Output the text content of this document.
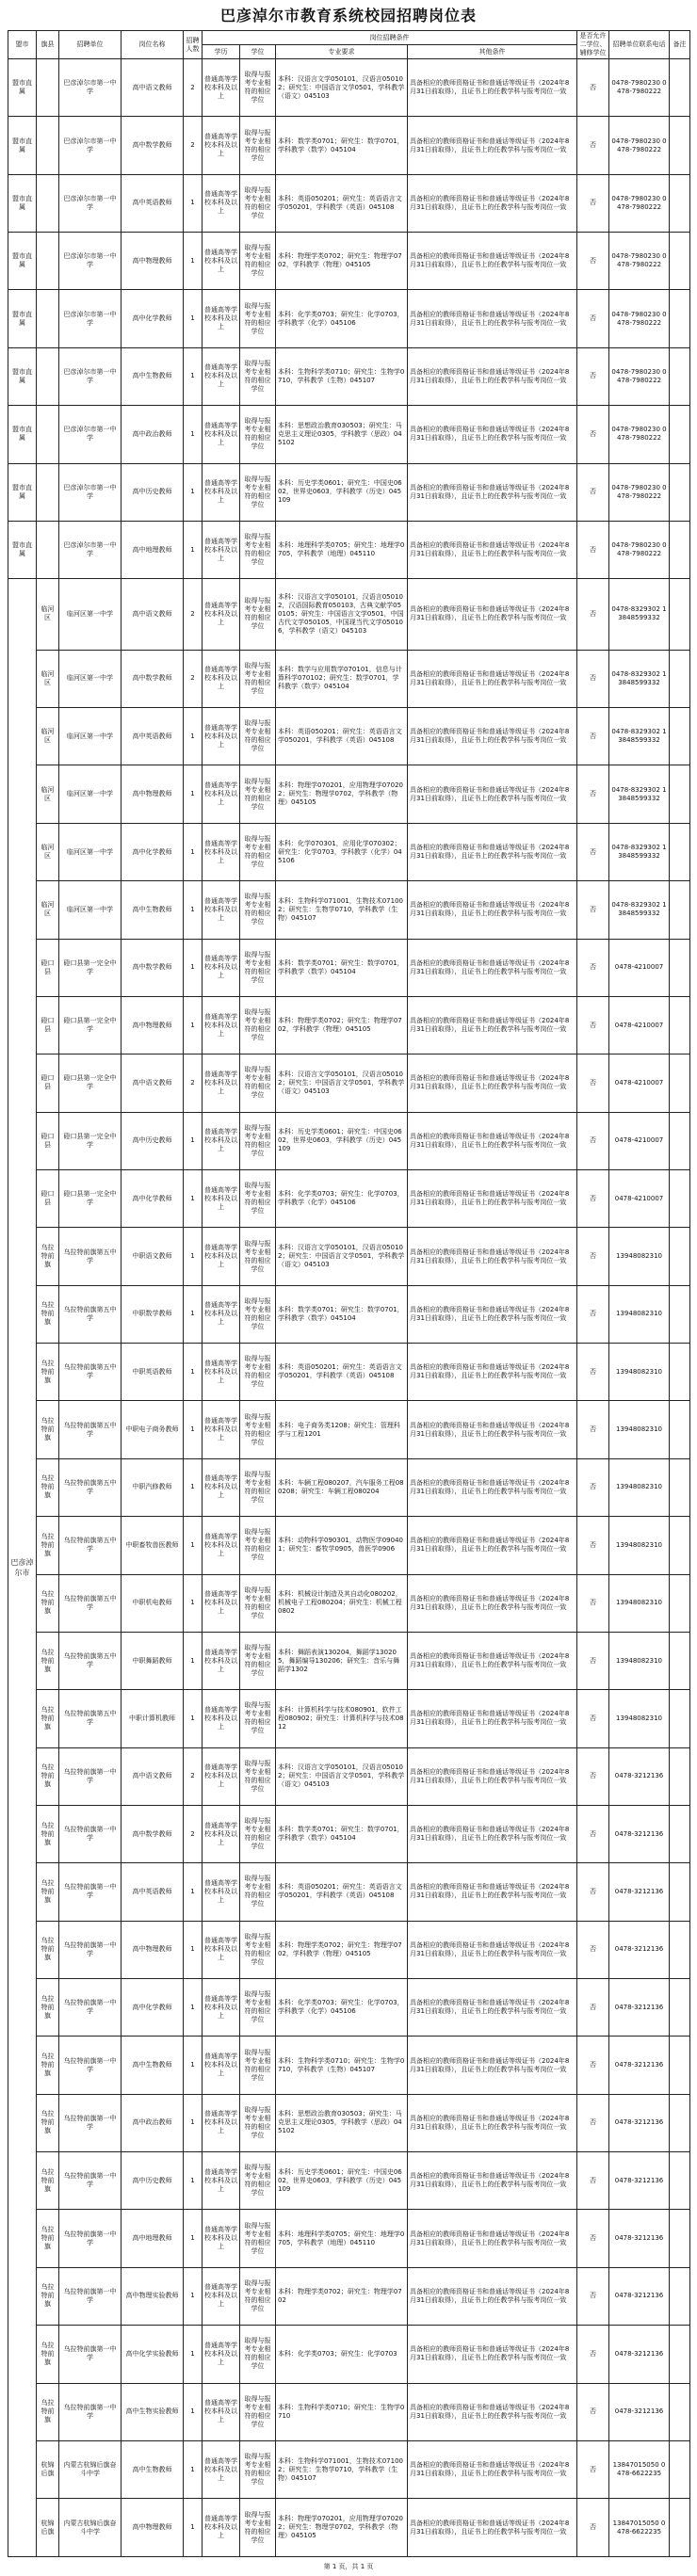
巴彦淖尔市教育系统校园招聘岗位表
盟市	旗县	招聘单位	岗位名称	招聘人数	岗位招聘条件				是否允许二学位、辅修学位	招聘单位联系电话	备注
					学历	学位	专业要求	其他条件			
盟市直属		巴彦淖尔市第一中学	高中语文教师	2	普通高等学校本科及以上	取得与报考专业相符的相应学位	本科：汉语言文学050101，汉语言050102；研究生：中国语言文学0501，学科教学（语文）045103	具备相应的教师资格证书和普通话等级证书（2024年8月31日前取得），且证书上的任教学科与报考岗位一致	否	0478-7980230 0478-7980222	
盟市直属		巴彦淖尔市第一中学	高中数学教师	2	普通高等学校本科及以上	取得与报考专业相符的相应学位	本科：数学类0701；研究生：数学0701，学科教学（数学）045104	具备相应的教师资格证书和普通话等级证书（2024年8月31日前取得），且证书上的任教学科与报考岗位一致	否	0478-7980230 0478-7980222	
盟市直属		巴彦淖尔市第一中学	高中英语教师	1	普通高等学校本科及以上	取得与报考专业相符的相应学位	本科：英语050201；研究生：英语语言文学050201，学科教学（英语）045108	具备相应的教师资格证书和普通话等级证书（2024年8月31日前取得），且证书上的任教学科与报考岗位一致	否	0478-7980230 0478-7980222	
盟市直属		巴彦淖尔市第一中学	高中物理教师	1	普通高等学校本科及以上	取得与报考专业相符的相应学位	本科：物理学类0702；研究生：物理学0702，学科教学（物理）045105	具备相应的教师资格证书和普通话等级证书（2024年8月31日前取得），且证书上的任教学科与报考岗位一致	否	0478-7980230 0478-7980222	
盟市直属		巴彦淖尔市第一中学	高中化学教师	1	普通高等学校本科及以上	取得与报考专业相符的相应学位	本科：化学类0703；研究生：化学0703，学科教学（化学）045106	具备相应的教师资格证书和普通话等级证书（2024年8月31日前取得），且证书上的任教学科与报考岗位一致	否	0478-7980230 0478-7980222	
盟市直属		巴彦淖尔市第一中学	高中生物教师	1	普通高等学校本科及以上	取得与报考专业相符的相应学位	本科：生物科学类0710；研究生：生物学0710，学科教学（生物）045107	具备相应的教师资格证书和普通话等级证书（2024年8月31日前取得），且证书上的任教学科与报考岗位一致	否	0478-7980230 0478-7980222	
盟市直属		巴彦淖尔市第一中学	高中政治教师	1	普通高等学校本科及以上	取得与报考专业相符的相应学位	本科：思想政治教育030503；研究生：马克思主义理论0305，学科教学（思政）045102	具备相应的教师资格证书和普通话等级证书（2024年8月31日前取得），且证书上的任教学科与报考岗位一致	否	0478-7980230 0478-7980222	
盟市直属		巴彦淖尔市第一中学	高中历史教师	1	普通高等学校本科及以上	取得与报考专业相符的相应学位	本科：历史学类0601；研究生：中国史0602，世界史0603，学科教学（历史）045109	具备相应的教师资格证书和普通话等级证书（2024年8月31日前取得），且证书上的任教学科与报考岗位一致	否	0478-7980230 0478-7980222	
盟市直属		巴彦淖尔市第一中学	高中地理教师	1	普通高等学校本科及以上	取得与报考专业相符的相应学位	本科：地理科学类0705；研究生：地理学0705，学科教学（地理）045110	具备相应的教师资格证书和普通话等级证书（2024年8月31日前取得），且证书上的任教学科与报考岗位一致	否	0478-7980230 0478-7980222	
巴彦淖尔市	临河区	临河区第一中学	高中语文教师	2	普通高等学校本科及以上	取得与报考专业相符的相应学位	本科：汉语言文学050101，汉语言050102，汉语国际教育050103，古典文献学050105；研究生：中国语言文学0501，中国古代文学050105，中国现当代文学050106，学科教学（语文）045103	具备相应的教师资格证书和普通话等级证书（2024年8月31日前取得），且证书上的任教学科与报考岗位一致	否	0478-8329302 13848599332	
	临河区	临河区第一中学	高中数学教师	2	普通高等学校本科及以上	取得与报考专业相符的相应学位	本科：数学与应用数学070101，信息与计算科学070102；研究生：数学0701，学科教学（数学）045104	具备相应的教师资格证书和普通话等级证书（2024年8月31日前取得），且证书上的任教学科与报考岗位一致	否	0478-8329302 13848599332	
	临河区	临河区第一中学	高中英语教师	1	普通高等学校本科及以上	取得与报考专业相符的相应学位	本科：英语050201；研究生：英语语言文学050201，学科教学（英语）045108	具备相应的教师资格证书和普通话等级证书（2024年8月31日前取得），且证书上的任教学科与报考岗位一致	否	0478-8329302 13848599332	
	临河区	临河区第一中学	高中物理教师	1	普通高等学校本科及以上	取得与报考专业相符的相应学位	本科：物理学070201，应用物理学070202；研究生：物理学0702，学科教学（物理）045105	具备相应的教师资格证书和普通话等级证书（2024年8月31日前取得），且证书上的任教学科与报考岗位一致	否	0478-8329302 13848599332	
	临河区	临河区第一中学	高中化学教师	1	普通高等学校本科及以上	取得与报考专业相符的相应学位	本科：化学070301，应用化学070302；研究生：化学0703，学科教学（化学）045106	具备相应的教师资格证书和普通话等级证书（2024年8月31日前取得），且证书上的任教学科与报考岗位一致	否	0478-8329302 13848599332	
	临河区	临河区第一中学	高中生物教师	1	普通高等学校本科及以上	取得与报考专业相符的相应学位	本科：生物科学071001，生物技术071002；研究生：生物学0710，学科教学（生物）045107	具备相应的教师资格证书和普通话等级证书（2024年8月31日前取得），且证书上的任教学科与报考岗位一致	否	0478-8329302 13848599332	
	磴口县	磴口县第一完全中学	高中数学教师	1	普通高等学校本科及以上	取得与报考专业相符的相应学位	本科：数学类0701；研究生：数学0701，学科教学（数学）045104	具备相应的教师资格证书和普通话等级证书（2024年8月31日前取得），且证书上的任教学科与报考岗位一致	否	0478-4210007	
	磴口县	磴口县第一完全中学	高中物理教师	1	普通高等学校本科及以上	取得与报考专业相符的相应学位	本科：物理学类0702；研究生：物理学0702，学科教学（物理）045105	具备相应的教师资格证书和普通话等级证书（2024年8月31日前取得），且证书上的任教学科与报考岗位一致	否	0478-4210007	
	磴口县	磴口县第一完全中学	高中语文教师	2	普通高等学校本科及以上	取得与报考专业相符的相应学位	本科：汉语言文学050101，汉语言050102；研究生：中国语言文学0501，学科教学（语文）045103	具备相应的教师资格证书和普通话等级证书（2024年8月31日前取得），且证书上的任教学科与报考岗位一致	否	0478-4210007	
	磴口县	磴口县第一完全中学	高中历史教师	1	普通高等学校本科及以上	取得与报考专业相符的相应学位	本科：历史学类0601；研究生：中国史0602，世界史0603，学科教学（历史）045109	具备相应的教师资格证书和普通话等级证书（2024年8月31日前取得），且证书上的任教学科与报考岗位一致	否	0478-4210007	
	磴口县	磴口县第一完全中学	高中化学教师	1	普通高等学校本科及以上	取得与报考专业相符的相应学位	本科：化学类0703；研究生：化学0703，学科教学（化学）045106	具备相应的教师资格证书和普通话等级证书（2024年8月31日前取得），且证书上的任教学科与报考岗位一致	否	0478-4210007	
	乌拉特前旗	乌拉特前旗第五中学	中职语文教师	1	普通高等学校本科及以上	取得与报考专业相符的相应学位	本科：汉语言文学050101，汉语言050102；研究生：中国语言文学0501，学科教学（语文）045103	具备相应的教师资格证书和普通话等级证书（2024年8月31日前取得），且证书上的任教学科与报考岗位一致	否	13948082310	
	乌拉特前旗	乌拉特前旗第五中学	中职数学教师	1	普通高等学校本科及以上	取得与报考专业相符的相应学位	本科：数学类0701；研究生：数学0701，学科教学（数学）045104	具备相应的教师资格证书和普通话等级证书（2024年8月31日前取得），且证书上的任教学科与报考岗位一致	否	13948082310	
	乌拉特前旗	乌拉特前旗第五中学	中职英语教师	1	普通高等学校本科及以上	取得与报考专业相符的相应学位	本科：英语050201；研究生：英语语言文学050201，学科教学（英语）045108	具备相应的教师资格证书和普通话等级证书（2024年8月31日前取得），且证书上的任教学科与报考岗位一致	否	13948082310	
	乌拉特前旗	乌拉特前旗第五中学	中职电子商务教师	1	普通高等学校本科及以上	取得与报考专业相符的相应学位	本科：电子商务类1208；研究生：管理科学与工程1201	具备相应的教师资格证书和普通话等级证书（2024年8月31日前取得），且证书上的任教学科与报考岗位一致	否	13948082310	
	乌拉特前旗	乌拉特前旗第五中学	中职汽修教师	1	普通高等学校本科及以上	取得与报考专业相符的相应学位	本科：车辆工程080207，汽车服务工程080208；研究生：车辆工程080204	具备相应的教师资格证书和普通话等级证书（2024年8月31日前取得），且证书上的任教学科与报考岗位一致	否	13948082310	
	乌拉特前旗	乌拉特前旗第五中学	中职畜牧兽医教师	1	普通高等学校本科及以上	取得与报考专业相符的相应学位	本科：动物科学090301，动物医学090401；研究生：畜牧学0905，兽医学0906	具备相应的教师资格证书和普通话等级证书（2024年8月31日前取得），且证书上的任教学科与报考岗位一致	否	13948082310	
	乌拉特前旗	乌拉特前旗第五中学	中职机电教师	1	普通高等学校本科及以上	取得与报考专业相符的相应学位	本科：机械设计制造及其自动化080202，机械电子工程080204；研究生：机械工程0802	具备相应的教师资格证书和普通话等级证书（2024年8月31日前取得），且证书上的任教学科与报考岗位一致	否	13948082310	
	乌拉特前旗	乌拉特前旗第五中学	中职舞蹈教师	1	普通高等学校本科及以上	取得与报考专业相符的相应学位	本科：舞蹈表演130204，舞蹈学130205，舞蹈编导130206；研究生：音乐与舞蹈学1302	具备相应的教师资格证书和普通话等级证书（2024年8月31日前取得），且证书上的任教学科与报考岗位一致	否	13948082310	
	乌拉特前旗	乌拉特前旗第五中学	中职计算机教师	1	普通高等学校本科及以上	取得与报考专业相符的相应学位	本科：计算机科学与技术080901，软件工程080902；研究生：计算机科学与技术0812	具备相应的教师资格证书和普通话等级证书（2024年8月31日前取得），且证书上的任教学科与报考岗位一致	否	13948082310	
	乌拉特前旗	乌拉特前旗第一中学	高中语文教师	2	普通高等学校本科及以上	取得与报考专业相符的相应学位	本科：汉语言文学050101，汉语言050102；研究生：中国语言文学0501，学科教学（语文）045103	具备相应的教师资格证书和普通话等级证书（2024年8月31日前取得），且证书上的任教学科与报考岗位一致	否	0478-3212136	
	乌拉特前旗	乌拉特前旗第一中学	高中数学教师	2	普通高等学校本科及以上	取得与报考专业相符的相应学位	本科：数学类0701；研究生：数学0701，学科教学（数学）045104	具备相应的教师资格证书和普通话等级证书（2024年8月31日前取得），且证书上的任教学科与报考岗位一致	否	0478-3212136	
	乌拉特前旗	乌拉特前旗第一中学	高中英语教师	1	普通高等学校本科及以上	取得与报考专业相符的相应学位	本科：英语050201；研究生：英语语言文学050201，学科教学（英语）045108	具备相应的教师资格证书和普通话等级证书（2024年8月31日前取得），且证书上的任教学科与报考岗位一致	否	0478-3212136	
	乌拉特前旗	乌拉特前旗第一中学	高中物理教师	1	普通高等学校本科及以上	取得与报考专业相符的相应学位	本科：物理学类0702；研究生：物理学0702，学科教学（物理）045105	具备相应的教师资格证书和普通话等级证书（2024年8月31日前取得），且证书上的任教学科与报考岗位一致	否	0478-3212136	
	乌拉特前旗	乌拉特前旗第一中学	高中化学教师	1	普通高等学校本科及以上	取得与报考专业相符的相应学位	本科：化学类0703；研究生：化学0703，学科教学（化学）045106	具备相应的教师资格证书和普通话等级证书（2024年8月31日前取得），且证书上的任教学科与报考岗位一致	否	0478-3212136	
	乌拉特前旗	乌拉特前旗第一中学	高中生物教师	1	普通高等学校本科及以上	取得与报考专业相符的相应学位	本科：生物科学类0710；研究生：生物学0710，学科教学（生物）045107	具备相应的教师资格证书和普通话等级证书（2024年8月31日前取得），且证书上的任教学科与报考岗位一致	否	0478-3212136	
	乌拉特前旗	乌拉特前旗第一中学	高中政治教师	1	普通高等学校本科及以上	取得与报考专业相符的相应学位	本科：思想政治教育030503；研究生：马克思主义理论0305，学科教学（思政）045102	具备相应的教师资格证书和普通话等级证书（2024年8月31日前取得），且证书上的任教学科与报考岗位一致	否	0478-3212136	
	乌拉特前旗	乌拉特前旗第一中学	高中历史教师	1	普通高等学校本科及以上	取得与报考专业相符的相应学位	本科：历史学类0601；研究生：中国史0602，世界史0603，学科教学（历史）045109	具备相应的教师资格证书和普通话等级证书（2024年8月31日前取得），且证书上的任教学科与报考岗位一致	否	0478-3212136	
	乌拉特前旗	乌拉特前旗第一中学	高中地理教师	1	普通高等学校本科及以上	取得与报考专业相符的相应学位	本科：地理科学类0705；研究生：地理学0705，学科教学（地理）045110	具备相应的教师资格证书和普通话等级证书（2024年8月31日前取得），且证书上的任教学科与报考岗位一致	否	0478-3212136	
	乌拉特前旗	乌拉特前旗第一中学	高中物理实验教师	1	普通高等学校本科及以上	取得与报考专业相符的相应学位	本科：物理学类0702；研究生：物理学0702	具备相应的教师资格证书和普通话等级证书（2024年8月31日前取得），且证书上的任教学科与报考岗位一致	否	0478-3212136	
	乌拉特前旗	乌拉特前旗第一中学	高中化学实验教师	1	普通高等学校本科及以上	取得与报考专业相符的相应学位	本科：化学类0703；研究生：化学0703	具备相应的教师资格证书和普通话等级证书（2024年8月31日前取得），且证书上的任教学科与报考岗位一致	否	0478-3212136	
	乌拉特前旗	乌拉特前旗第一中学	高中生物实验教师	1	普通高等学校本科及以上	取得与报考专业相符的相应学位	本科：生物科学类0710；研究生：生物学0710	具备相应的教师资格证书和普通话等级证书（2024年8月31日前取得），且证书上的任教学科与报考岗位一致	否	0478-3212136	
	杭锦后旗	内蒙古杭锦后旗奋斗中学	高中生物教师	1	普通高等学校本科及以上	取得与报考专业相符的相应学位	本科：生物科学071001，生物技术071002；研究生：生物学0710，学科教学（生物）045107	具备相应的教师资格证书和普通话等级证书（2024年8月31日前取得），且证书上的任教学科与报考岗位一致	否	13847015050 0478-6622235	
	杭锦后旗	内蒙古杭锦后旗奋斗中学	高中物理教师	1	普通高等学校本科及以上	取得与报考专业相符的相应学位	本科：物理学070201，应用物理学070202；研究生：物理学0702，学科教学（物理）045105	具备相应的教师资格证书和普通话等级证书（2024年8月31日前取得），且证书上的任教学科与报考岗位一致	否	13847015050 0478-6622235	
第 1 页，共 1 页
